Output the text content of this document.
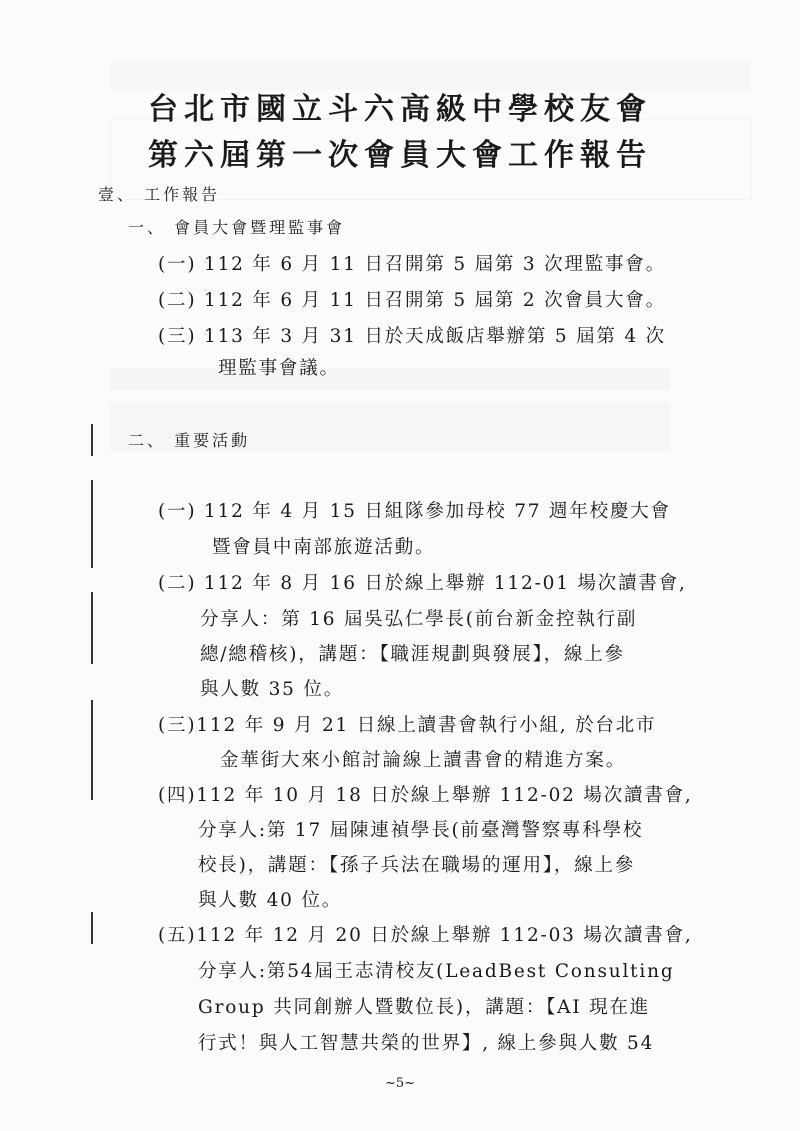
台北市國立斗六高級中學校友會
第六屆第一次會員大會工作報告
壹、 工作報告
一、 會員大會暨理監事會
(一) 112 年 6 月 11 日召開第 5 屆第 3 次理監事會。
(二) 112 年 6 月 11 日召開第 5 屆第 2 次會員大會。
(三) 113 年 3 月 31 日於天成飯店舉辦第 5 屆第 4 次
理監事會議。
二、 重要活動
(一) 112 年 4 月 15 日組隊參加母校 77 週年校慶大會
暨會員中南部旅遊活動。
(二) 112 年 8 月 16 日於線上舉辦 112-01 場次讀書會,
分享人：第 16 屆吳弘仁學長(前台新金控執行副
總/總稽核)，講題：【職涯規劃與發展】，線上參
與人數 35 位。
(三)112 年 9 月 21 日線上讀書會執行小組, 於台北市
金華街大來小館討論線上讀書會的精進方案。
(四)112 年 10 月 18 日於線上舉辦 112-02 場次讀書會,
分享人:第 17 屆陳連禎學長(前臺灣警察專科學校
校長)，講題：【孫子兵法在職場的運用】，線上參
與人數 40 位。
(五)112 年 12 月 20 日於線上舉辦 112-03 場次讀書會,
分享人:第54屆王志清校友(LeadBest Consulting
Group 共同創辦人暨數位長)，講題：【AI 現在進
行式！與人工智慧共榮的世界】, 線上參與人數 54
~5~
